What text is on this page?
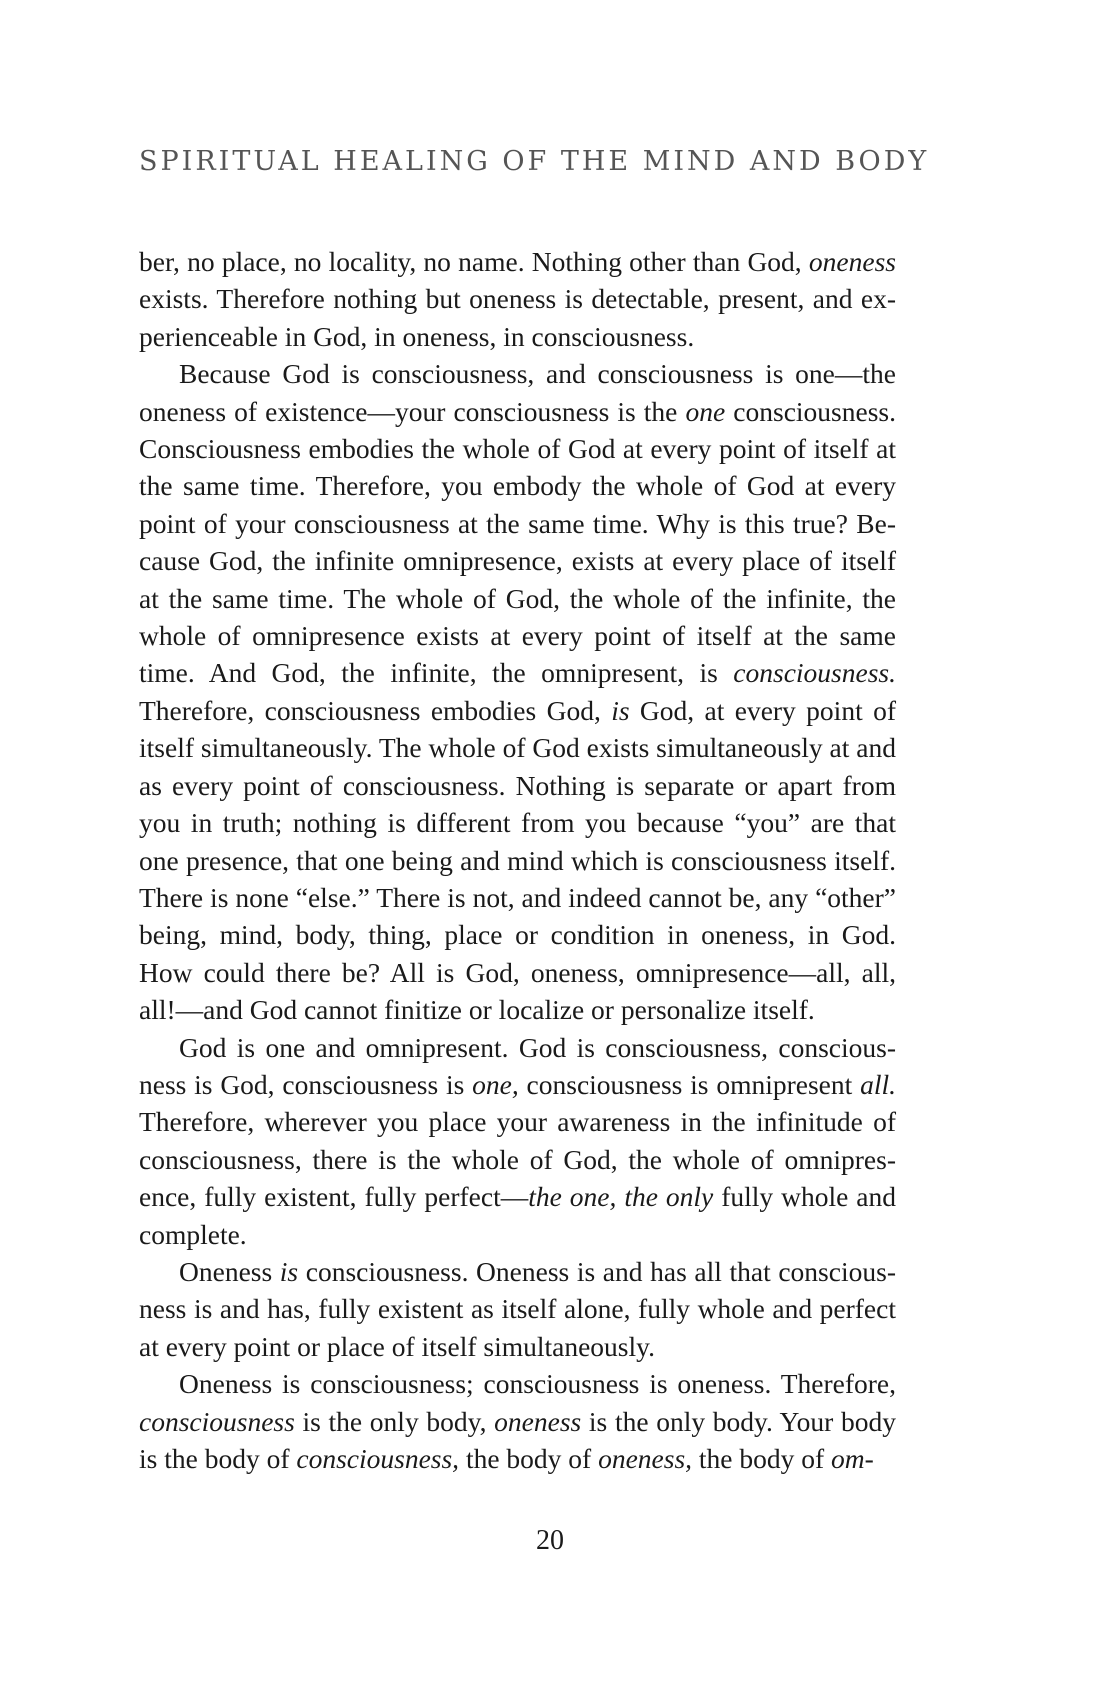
SPIRITUAL HEALING OF THE MIND AND BODY

ber, no place, no locality, no name. Nothing other than God, oneness exists. Therefore nothing but oneness is detectable, present, and experienceable in God, in oneness, in consciousness.

Because God is consciousness, and consciousness is one—the oneness of existence—your consciousness is the one consciousness. Consciousness embodies the whole of God at every point of itself at the same time. Therefore, you embody the whole of God at every point of your consciousness at the same time. Why is this true? Because God, the infinite omnipresence, exists at every place of itself at the same time. The whole of God, the whole of the infinite, the whole of omnipresence exists at every point of itself at the same time. And God, the infinite, the omnipresent, is consciousness. Therefore, consciousness embodies God, is God, at every point of itself simultaneously. The whole of God exists simultaneously at and as every point of consciousness. Nothing is separate or apart from you in truth; nothing is different from you because “you” are that one presence, that one being and mind which is consciousness itself. There is none “else.” There is not, and indeed cannot be, any “other” being, mind, body, thing, place or condition in oneness, in God. How could there be? All is God, oneness, omnipresence—all, all, all!—and God cannot finitize or localize or personalize itself.

God is one and omnipresent. God is consciousness, consciousness is God, consciousness is one, consciousness is omnipresent all. Therefore, wherever you place your awareness in the infinitude of consciousness, there is the whole of God, the whole of omnipresence, fully existent, fully perfect—the one, the only fully whole and complete.

Oneness is consciousness. Oneness is and has all that consciousness is and has, fully existent as itself alone, fully whole and perfect at every point or place of itself simultaneously.

Oneness is consciousness; consciousness is oneness. Therefore, consciousness is the only body, oneness is the only body. Your body is the body of consciousness, the body of oneness, the body of om-

20
